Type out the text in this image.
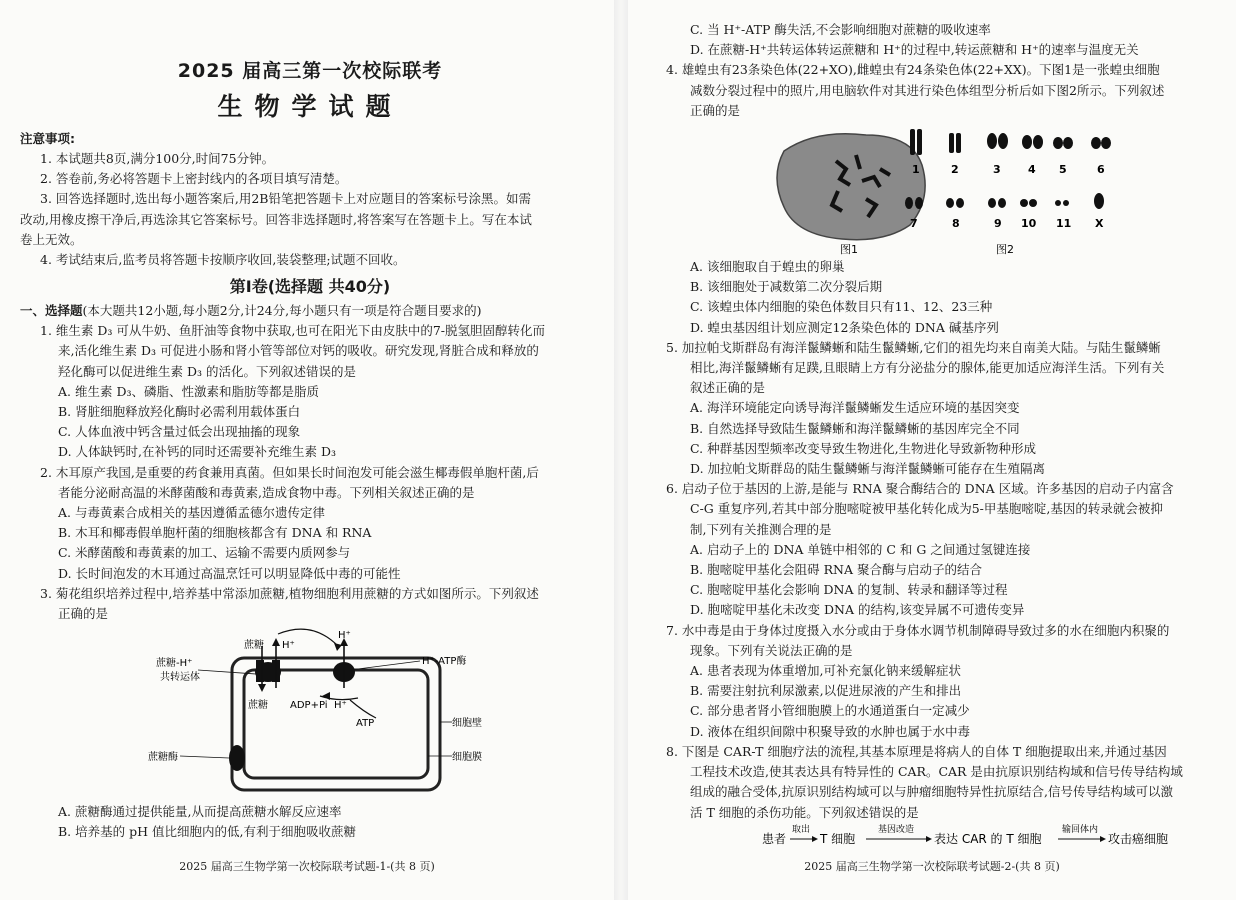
2025 届高三第一次校际联考
生物学试题
注意事项:
1. 本试题共8页,满分100分,时间75分钟。
2. 答卷前,务必将答题卡上密封线内的各项目填写清楚。
3. 回答选择题时,选出每小题答案后,用2B铅笔把答题卡上对应题目的答案标号涂黑。如需
改动,用橡皮擦干净后,再选涂其它答案标号。回答非选择题时,将答案写在答题卡上。写在本试
卷上无效。
4. 考试结束后,监考员将答题卡按顺序收回,装袋整理;试题不回收。
第Ⅰ卷(选择题 共40分)
一、选择题(本大题共12小题,每小题2分,计24分,每小题只有一项是符合题目要求的)
1. 维生素 D₃ 可从牛奶、鱼肝油等食物中获取,也可在阳光下由皮肤中的7-脱氢胆固醇转化而
来,活化维生素 D₃ 可促进小肠和肾小管等部位对钙的吸收。研究发现,肾脏合成和释放的
羟化酶可以促进维生素 D₃ 的活化。下列叙述错误的是
A. 维生素 D₃、磷脂、性激素和脂肪等都是脂质
B. 肾脏细胞释放羟化酶时必需利用载体蛋白
C. 人体血液中钙含量过低会出现抽搐的现象
D. 人体缺钙时,在补钙的同时还需要补充维生素 D₃
2. 木耳原产我国,是重要的药食兼用真菌。但如果长时间泡发可能会滋生椰毒假单胞杆菌,后
者能分泌耐高温的米酵菌酸和毒黄素,造成食物中毒。下列相关叙述正确的是
A. 与毒黄素合成相关的基因遵循孟德尔遗传定律
B. 木耳和椰毒假单胞杆菌的细胞核都含有 DNA 和 RNA
C. 米酵菌酸和毒黄素的加工、运输不需要内质网参与
D. 长时间泡发的木耳通过高温烹饪可以明显降低中毒的可能性
3. 菊花组织培养过程中,培养基中常添加蔗糖,植物细胞利用蔗糖的方式如图所示。下列叙述
正确的是
蔗糖 H⁺
H⁺
蔗糖-H⁺
共转运体
H⁺-ATP酶
蔗糖 ADP+Pi H⁺
ATP	细胞壁
蔗糖酶	细胞膜
A. 蔗糖酶通过提供能量,从而提高蔗糖水解反应速率
B. 培养基的 pH 值比细胞内的低,有利于细胞吸收蔗糖
2025 届高三生物学第一次校际联考试题-1-(共 8 页)
C. 当 H⁺-ATP 酶失活,不会影响细胞对蔗糖的吸收速率
D. 在蔗糖-H⁺共转运体转运蔗糖和 H⁺的过程中,转运蔗糖和 H⁺的速率与温度无关
4. 雄蝗虫有23条染色体(22+XO),雌蝗虫有24条染色体(22+XX)。下图1是一张蝗虫细胞
减数分裂过程中的照片,用电脑软件对其进行染色体组型分析后如下图2所示。下列叙述
正确的是
1	2	3 4 5	6
7	8	9 10 11 X
图1	图2
A. 该细胞取自于蝗虫的卵巢
B. 该细胞处于减数第二次分裂后期
C. 该蝗虫体内细胞的染色体数目只有11、12、23三种
D. 蝗虫基因组计划应测定12条染色体的 DNA 碱基序列
5. 加拉帕戈斯群岛有海洋鬣鳞蜥和陆生鬣鳞蜥,它们的祖先均来自南美大陆。与陆生鬣鳞蜥
相比,海洋鬣鳞蜥有足蹼,且眼睛上方有分泌盐分的腺体,能更加适应海洋生活。下列有关
叙述正确的是
A. 海洋环境能定向诱导海洋鬣鳞蜥发生适应环境的基因突变
B. 自然选择导致陆生鬣鳞蜥和海洋鬣鳞蜥的基因库完全不同
C. 种群基因型频率改变导致生物进化,生物进化导致新物种形成
D. 加拉帕戈斯群岛的陆生鬣鳞蜥与海洋鬣鳞蜥可能存在生殖隔离
6. 启动子位于基因的上游,是能与 RNA 聚合酶结合的 DNA 区域。许多基因的启动子内富含
C-G 重复序列,若其中部分胞嘧啶被甲基化转化成为5-甲基胞嘧啶,基因的转录就会被抑
制,下列有关推测合理的是
A. 启动子上的 DNA 单链中相邻的 C 和 G 之间通过氢键连接
B. 胞嘧啶甲基化会阻碍 RNA 聚合酶与启动子的结合
C. 胞嘧啶甲基化会影响 DNA 的复制、转录和翻译等过程
D. 胞嘧啶甲基化未改变 DNA 的结构,该变异属不可遗传变异
7. 水中毒是由于身体过度摄入水分或由于身体水调节机制障碍导致过多的水在细胞内积聚的
现象。下列有关说法正确的是
A. 患者表现为体重增加,可补充氯化钠来缓解症状
B. 需要注射抗利尿激素,以促进尿液的产生和排出
C. 部分患者肾小管细胞膜上的水通道蛋白一定减少
D. 液体在组织间隙中积聚导致的水肿也属于水中毒
8. 下图是 CAR-T 细胞疗法的流程,其基本原理是将病人的自体 T 细胞提取出来,并通过基因
工程技术改造,使其表达具有特异性的 CAR。CAR 是由抗原识别结构域和信号传导结构域
组成的融合受体,抗原识别结构域可以与肿瘤细胞特异性抗原结合,信号传导结构域可以激
活 T 细胞的杀伤功能。下列叙述错误的是
患者
取出
T 细胞
基因改造
表达 CAR 的 T 细胞
输回体内
攻击癌细胞
2025 届高三生物学第一次校际联考试题-2-(共 8 页)
